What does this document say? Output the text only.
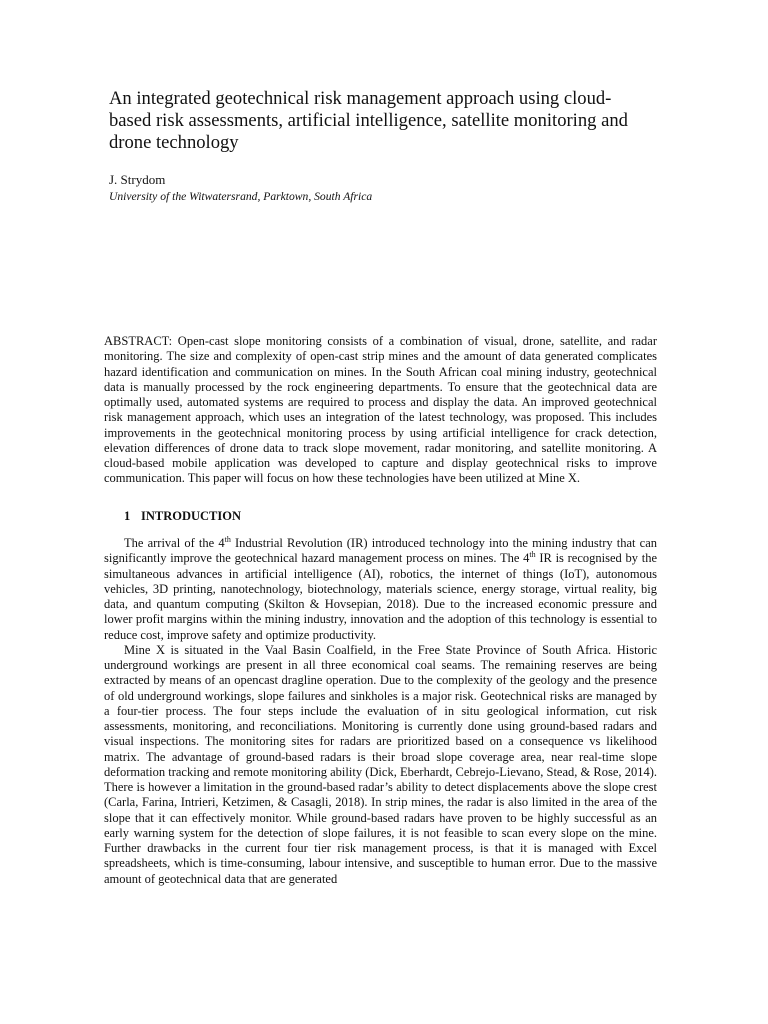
An integrated geotechnical risk management approach using cloud-based risk assessments, artificial intelligence, satellite monitoring and drone technology

J. Strydom

University of the Witwatersrand, Parktown, South Africa

ABSTRACT: Open-cast slope monitoring consists of a combination of visual, drone, satellite, and radar monitoring. The size and complexity of open-cast strip mines and the amount of data generated complicates hazard identification and communication on mines. In the South African coal mining industry, geotechnical data is manually processed by the rock engineering departments. To ensure that the geotechnical data are optimally used, automated systems are required to process and display the data. An improved geotechnical risk management approach, which uses an integration of the latest technology, was proposed. This includes improvements in the geotechnical monitoring process by using artificial intelligence for crack detection, elevation differences of drone data to track slope movement, radar monitoring, and satellite monitoring. A cloud-based mobile application was developed to capture and display geotechnical risks to improve communication. This paper will focus on how these technologies have been utilized at Mine X.

1 INTRODUCTION

The arrival of the 4th Industrial Revolution (IR) introduced technology into the mining industry that can significantly improve the geotechnical hazard management process on mines. The 4th IR is recognised by the simultaneous advances in artificial intelligence (AI), robotics, the internet of things (IoT), autonomous vehicles, 3D printing, nanotechnology, biotechnology, materials science, energy storage, virtual reality, big data, and quantum computing (Skilton & Hovsepian, 2018). Due to the increased economic pressure and lower profit margins within the mining industry, innovation and the adoption of this technology is essential to reduce cost, improve safety and optimize productivity.

Mine X is situated in the Vaal Basin Coalfield, in the Free State Province of South Africa. Historic underground workings are present in all three economical coal seams. The remaining reserves are being extracted by means of an opencast dragline operation. Due to the complexity of the geology and the presence of old underground workings, slope failures and sinkholes is a major risk. Geotechnical risks are managed by a four-tier process. The four steps include the evaluation of in situ geological information, cut risk assessments, monitoring, and reconciliations. Monitoring is currently done using ground-based radars and visual inspections. The monitoring sites for radars are prioritized based on a consequence vs likelihood matrix. The advantage of ground-based radars is their broad slope coverage area, near real-time slope deformation tracking and remote monitoring ability (Dick, Eberhardt, Cebrejo-Lievano, Stead, & Rose, 2014). There is however a limitation in the ground-based radar’s ability to detect displacements above the slope crest (Carla, Farina, Intrieri, Ketzimen, & Casagli, 2018). In strip mines, the radar is also limited in the area of the slope that it can effectively monitor. While ground-based radars have proven to be highly successful as an early warning system for the detection of slope failures, it is not feasible to scan every slope on the mine. Further drawbacks in the current four tier risk management process, is that it is managed with Excel spreadsheets, which is time-consuming, labour intensive, and susceptible to human error. Due to the massive amount of geotechnical data that are generated
